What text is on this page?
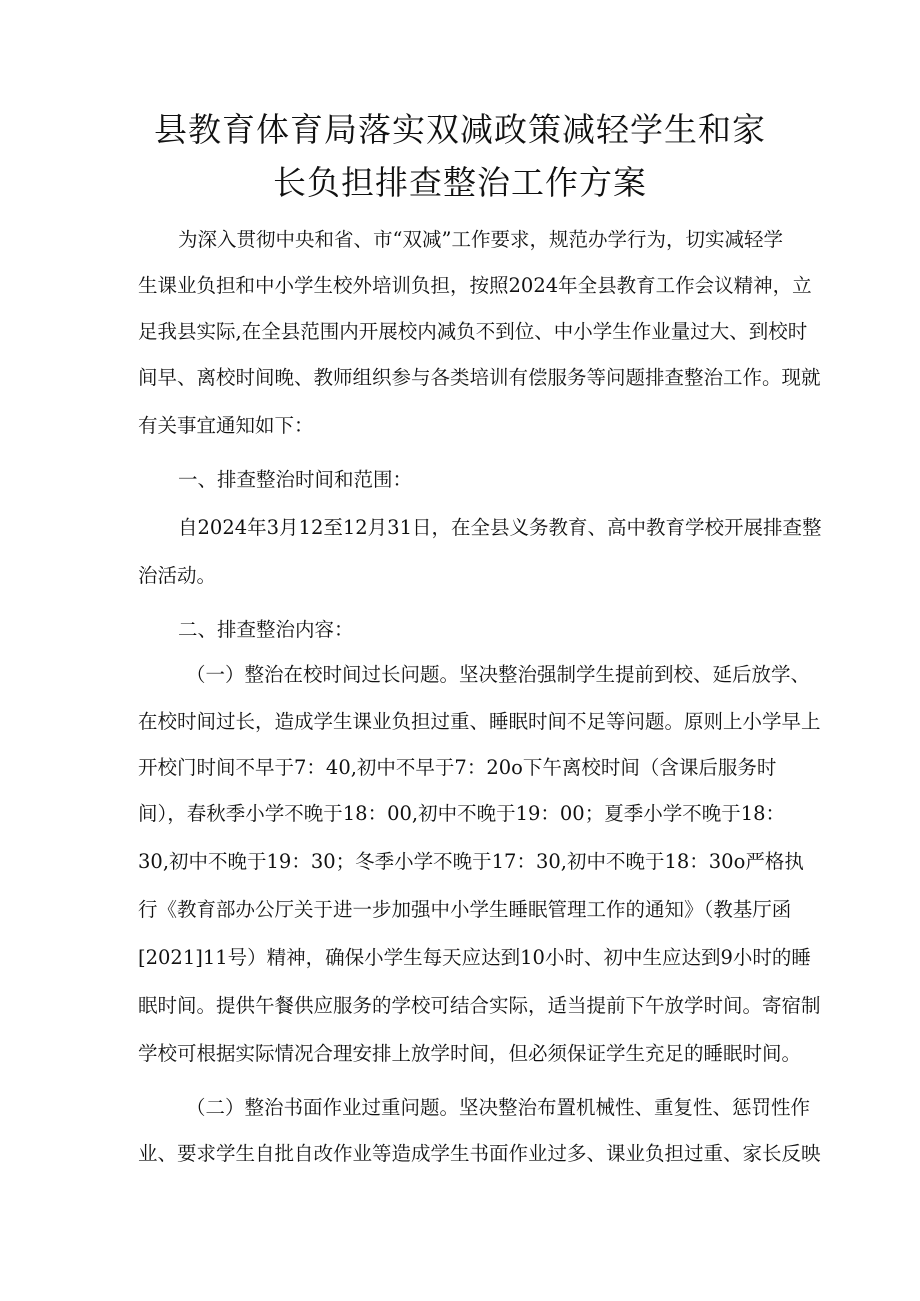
县教育体育局落实双减政策减轻学生和家
长负担排查整治工作方案
为深入贯彻中央和省、市“双减”工作要求，规范办学行为，切实减轻学
生课业负担和中小学生校外培训负担，按照2024年全县教育工作会议精神，立
足我县实际,在全县范围内开展校内减负不到位、中小学生作业量过大、到校时
间早、离校时间晚、教师组织参与各类培训有偿服务等问题排查整治工作。现就
有关事宜通知如下：
一、排查整治时间和范围：
自2024年3月12至12月31日，在全县义务教育、高中教育学校开展排查整
治活动。
二、排查整治内容：
（一）整治在校时间过长问题。坚决整治强制学生提前到校、延后放学、
在校时间过长，造成学生课业负担过重、睡眠时间不足等问题。原则上小学早上
开校门时间不早于7：40,初中不早于7：20o下午离校时间（含课后服务时
间），春秋季小学不晚于18：00,初中不晚于19：00；夏季小学不晚于18：
30,初中不晚于19：30；冬季小学不晚于17：30,初中不晚于18：30o严格执
行《教育部办公厅关于进一步加强中小学生睡眠管理工作的通知》（教基厅函
[2021]11号）精神，确保小学生每天应达到10小时、初中生应达到9小时的睡
眠时间。提供午餐供应服务的学校可结合实际，适当提前下午放学时间。寄宿制
学校可根据实际情况合理安排上放学时间，但必须保证学生充足的睡眠时间。
（二）整治书面作业过重问题。坚决整治布置机械性、重复性、惩罚性作
业、要求学生自批自改作业等造成学生书面作业过多、课业负担过重、家长反映
